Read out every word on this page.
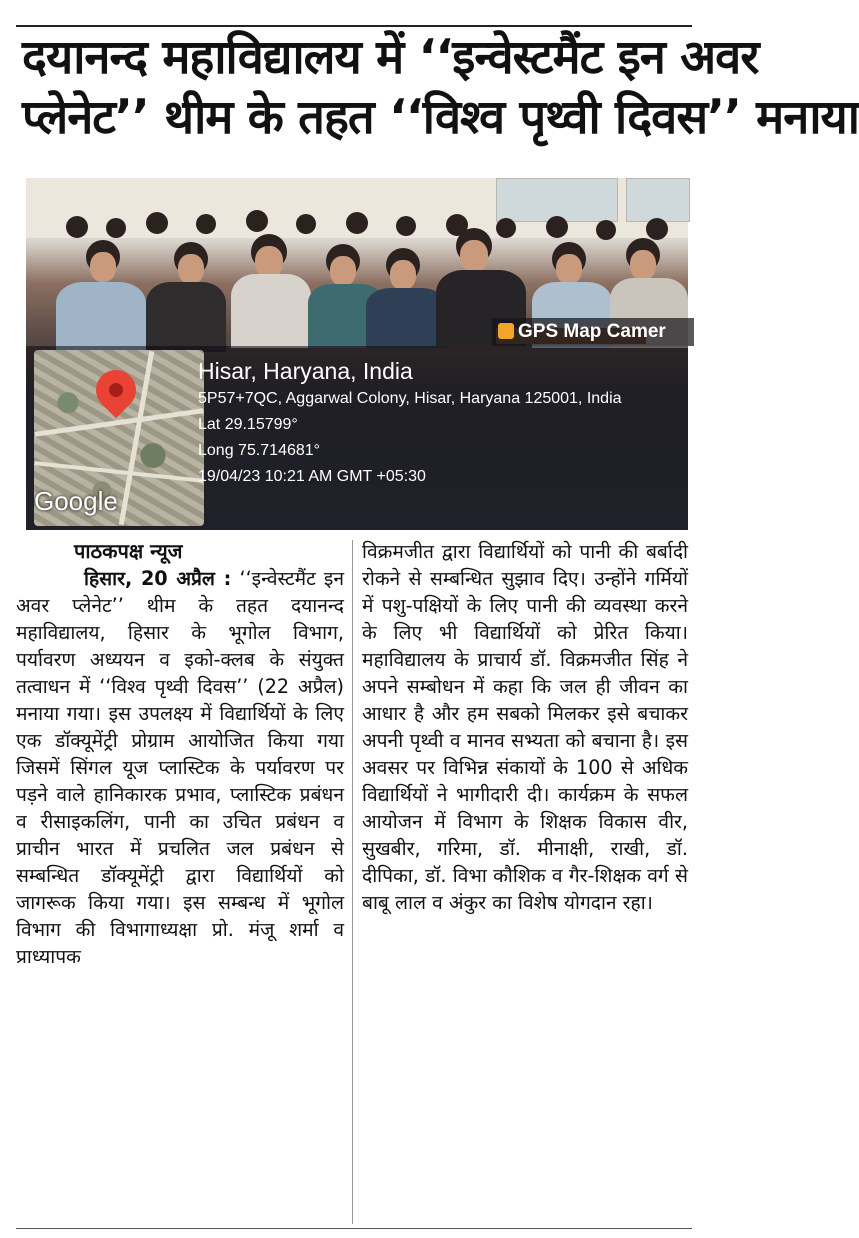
दयानन्द महाविद्यालय में ‘‘इन्वेस्टमैंट इन अवर
प्लेनेट’’ थीम के तहत ‘‘विश्व पृथ्वी दिवस’’ मनाया
Google
GPS Map Camer
Hisar, Haryana, India
5P57+7QC, Aggarwal Colony, Hisar, Haryana 125001, India
Lat 29.15799°
Long 75.714681°
19/04/23 10:21 AM GMT +05:30
पाठकपक्ष न्यूज

हिसार, 20 अप्रैल : ‘‘इन्वेस्टमैंट इन अवर प्लेनेट’’ थीम के तहत दयानन्द महाविद्यालय, हिसार के भूगोल विभाग, पर्यावरण अध्ययन व इको-क्लब के संयुक्त तत्वाधन में ‘‘विश्व पृथ्वी दिवस’’ (22 अप्रैल) मनाया गया। इस उपलक्ष्य में विद्यार्थियों के लिए एक डॉक्यूमेंट्री प्रोग्राम आयोजित किया गया जिसमें सिंगल यूज प्लास्टिक के पर्यावरण पर पड़ने वाले हानिकारक प्रभाव, प्लास्टिक प्रबंधन व रीसाइकलिंग, पानी का उचित प्रबंधन व प्राचीन भारत में प्रचलित जल प्रबंधन से सम्बन्धित डॉक्यूमेंट्री द्वारा विद्यार्थियों को जागरूक किया गया। इस सम्बन्ध में भूगोल विभाग की विभागाध्यक्षा प्रो. मंजू शर्मा व प्राध्यापक

विक्रमजीत द्वारा विद्यार्थियों को पानी की बर्बादी रोकने से सम्बन्धित सुझाव दिए। उन्होंने गर्मियों में पशु-पक्षियों के लिए पानी की व्यवस्था करने के लिए भी विद्यार्थियों को प्रेरित किया। महाविद्यालय के प्राचार्य डॉ. विक्रमजीत सिंह ने अपने सम्बोधन में कहा कि जल ही जीवन का आधार है और हम सबको मिलकर इसे बचाकर अपनी पृथ्वी व मानव सभ्यता को बचाना है। इस अवसर पर विभिन्न संकायों के 100 से अधिक विद्यार्थियों ने भागीदारी दी। कार्यक्रम के सफल आयोजन में विभाग के शिक्षक विकास वीर, सुखबीर, गरिमा, डॉ. मीनाक्षी, राखी, डॉ. दीपिका, डॉ. विभा कौशिक व गैर-शिक्षक वर्ग से बाबू लाल व अंकुर का विशेष योगदान रहा।
